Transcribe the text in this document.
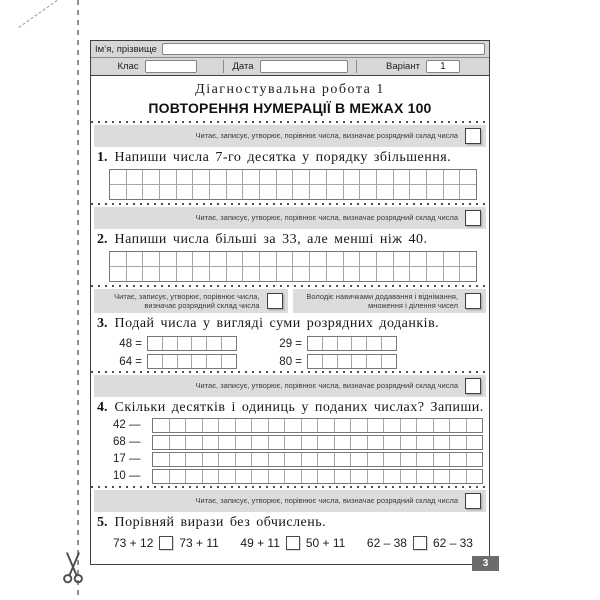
Ім’я, прізвище
Клас	Дата	Варіант	1
Діагностувальна робота 1
ПОВТОРЕННЯ НУМЕРАЦІЇ В МЕЖАХ 100
Читає, записує, утворює, порівнює числа, визначає розрядний склад числа
1. Напиши числа 7-го десятка у порядку збільшення.
Читає, записує, утворює, порівнює числа, визначає розрядний склад числа
2. Напиши числа більші за 33, але менші ніж 40.
Читає, записує, утворює, порівнює числа,
визначає розрядний склад числа
Володіє навичками додавання і віднімання,
множення і ділення чисел
3. Подай числа у вигляді суми розрядних доданків.
48 =	29 =
64 =	80 =
Читає, записує, утворює, порівнює числа, визначає розрядний склад числа
4. Скільки десятків і одиниць у поданих числах? Запиши.
42 —
68 —
17 —
10 —
Читає, записує, утворює, порівнює числа, визначає розрядний склад числа
5. Порівняй вирази без обчислень.
73 + 12 73 + 11 49 + 11 50 + 11 62 – 38 62 – 33
3
